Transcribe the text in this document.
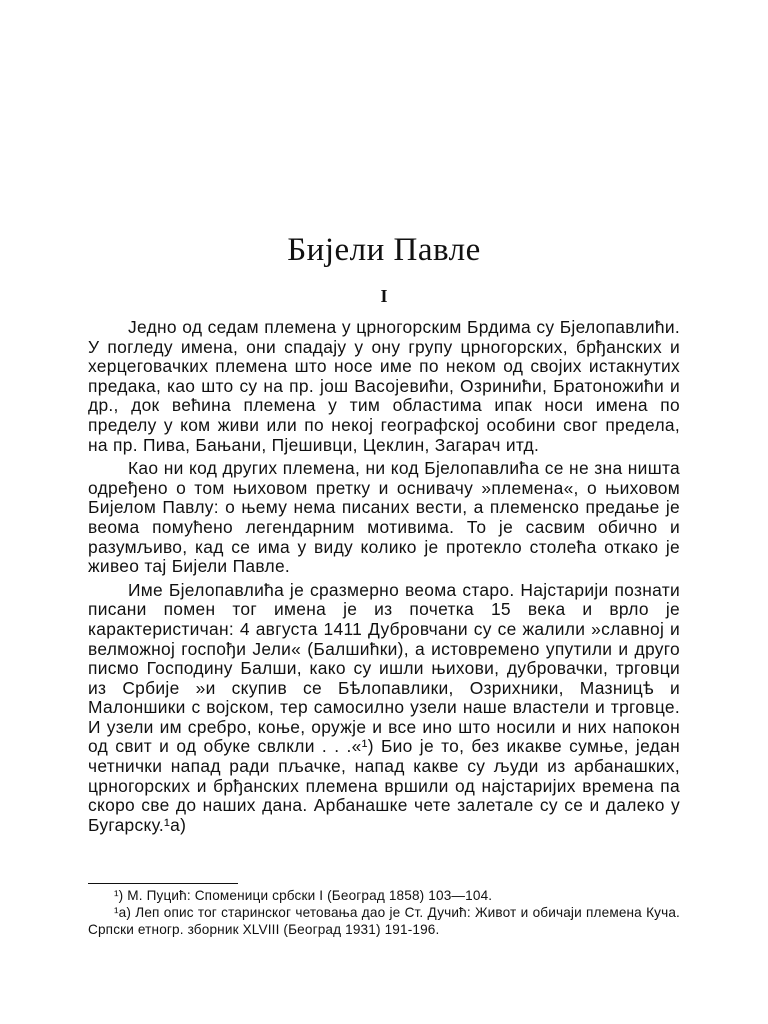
Бијели Павле
I

Једно од седам племена у црногорским Брдима су Бјелопавлићи. У погледу имена, они спадају у ону групу црногорских, брђанских и херцеговачких племена што носе име по неком од својих истакнутих предака, као што су на пр. још Васојевићи, Озринићи, Братоножићи и др., док већина племена у тим областима ипак носи имена по пределу у ком живи или по некој географској особини свог предела, на пр. Пива, Бањани, Пјешивци, Цеклин, Загарач итд.

Као ни код других племена, ни код Бјелопавлића се не зна ништа одређено о том њиховом претку и оснивачу »племена«, о њиховом Бијелом Павлу: о њему нема писаних вести, а племенско предање је веома помућено легендарним мотивима. То је сасвим обично и разумљиво, кад се има у виду колико је протекло столећа откако је живео тај Бијели Павле.

Име Бјелопавлића је сразмерно веома старо. Најстарији познати писани помен тог имена је из почетка 15 века и врло је карактеристичан: 4 августа 1411 Дубровчани су се жалили »славној и велможној госпођи Јели« (Балшићки), а истовремено упутили и друго писмо Господину Балши, како су ишли њихови, дубровачки, трговци из Србије »и скупив се Бѣлопавлики, Озрихники, Мазницѣ и Малоншики с војском, тер самосилно узели наше властели и трговце. И узели им сребро, коње, оружје и все ино што носили и них напокон од свит и од обуке свлкли . . .«¹) Био је то, без икакве сумње, један четнички напад ради пљачке, напад какве су људи из арбанашких, црногорских и брђанских племена вршили од најстаријих времена па скоро све до наших дана. Арбанашке чете залетале су се и далеко у Бугарску.¹а)

¹) М. Пуцић: Споменици србски I (Београд 1858) 103—104.

¹а) Леп опис тог старинског четовања дао је Ст. Дучић: Живот и обичаји племена Куча. Српски етногр. зборник XLVIII (Београд 1931) 191-196.
